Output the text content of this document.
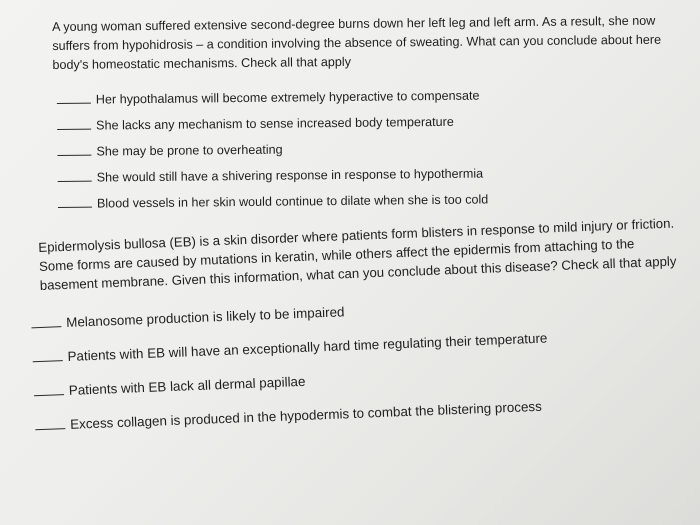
A young woman suffered extensive second-degree burns down her left leg and left arm. As a result, she now suffers from hypohidrosis – a condition involving the absence of sweating. What can you conclude about here body's homeostatic mechanisms. Check all that apply

Her hypothalamus will become extremely hyperactive to compensate
She lacks any mechanism to sense increased body temperature
She may be prone to overheating
She would still have a shivering response in response to hypothermia
Blood vessels in her skin would continue to dilate when she is too cold

Epidermolysis bullosa (EB) is a skin disorder where patients form blisters in response to mild injury or friction. Some forms are caused by mutations in keratin, while others affect the epidermis from attaching to the basement membrane. Given this information, what can you conclude about this disease? Check all that apply

Melanosome production is likely to be impaired
Patients with EB will have an exceptionally hard time regulating their temperature
Patients with EB lack all dermal papillae
Excess collagen is produced in the hypodermis to combat the blistering process
